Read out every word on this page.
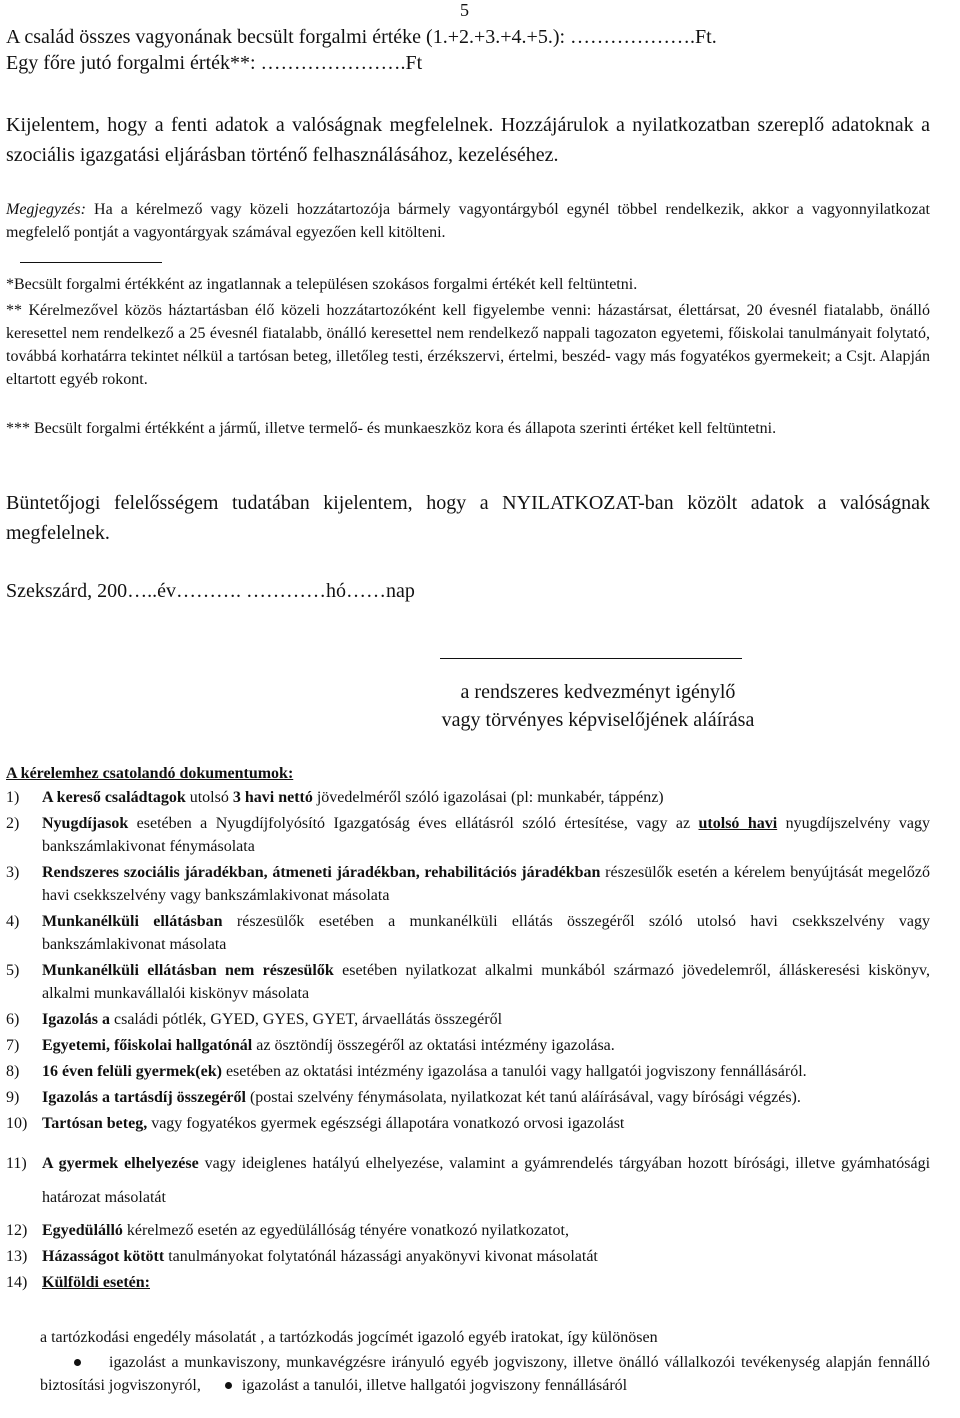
5
A család összes vagyonának becsült forgalmi értéke (1.+2.+3.+4.+5.): ……………….Ft.
Egy főre jutó forgalmi érték**: ………………….Ft
Kijelentem, hogy a fenti adatok a valóságnak megfelelnek. Hozzájárulok a nyilatkozatban szereplő adatoknak a szociális igazgatási eljárásban történő felhasználásához, kezeléséhez.
Megjegyzés: Ha a kérelmező vagy közeli hozzátartozója bármely vagyontárgyból egynél többel rendelkezik, akkor a vagyonnyilatkozat megfelelő pontját a vagyontárgyak számával egyezően kell kitölteni.
*Becsült forgalmi értékként az ingatlannak a településen szokásos forgalmi értékét kell feltüntetni.
** Kérelmezővel közös háztartásban élő közeli hozzátartozóként kell figyelembe venni: házastársat, élettársat, 20 évesnél fiatalabb, önálló keresettel nem rendelkező a 25 évesnél fiatalabb, önálló keresettel nem rendelkező nappali tagozaton egyetemi, főiskolai tanulmányait folytató, továbbá korhatárra tekintet nélkül a tartósan beteg, illetőleg testi, érzékszervi, értelmi, beszéd- vagy más fogyatékos gyermekeit; a Csjt. Alapján eltartott egyéb rokont.
*** Becsült forgalmi értékként a jármű, illetve termelő- és munkaeszköz kora és állapota szerinti értéket kell feltüntetni.
Büntetőjogi felelősségem tudatában kijelentem, hogy a NYILATKOZAT-ban közölt adatok a valóságnak megfelelnek.
Szekszárd, 200…..év………. …………hó……nap
a rendszeres kedvezményt igénylő
vagy törvényes képviselőjének aláírása
A kérelemhez csatolandó dokumentumok:
1) A kereső családtagok utolsó 3 havi nettó jövedelméről szóló igazolásai (pl: munkabér, táppénz)
2) Nyugdíjasok esetében a Nyugdíjfolyósító Igazgatóság éves ellátásról szóló értesítése, vagy az utolsó havi nyugdíjszelvény vagy bankszámlakivonat fénymásolata
3) Rendszeres szociális járadékban, átmeneti járadékban, rehabilitációs járadékban részesülők esetén a kérelem benyújtását megelőző havi csekkszelvény vagy bankszámlakivonat másolata
4) Munkanélküli ellátásban részesülők esetében a munkanélküli ellátás összegéről szóló utolsó havi csekkszelvény vagy bankszámlakivonat másolata
5) Munkanélküli ellátásban nem részesülők esetében nyilatkozat alkalmi munkából származó jövedelemről, álláskeresési kiskönyv, alkalmi munkavállalói kiskönyv másolata
6) Igazolás a családi pótlék, GYED, GYES, GYET, árvaellátás összegéről
7) Egyetemi, főiskolai hallgatónál az ösztöndíj összegéről az oktatási intézmény igazolása.
8) 16 éven felüli gyermek(ek) esetében az oktatási intézmény igazolása a tanulói vagy hallgatói jogviszony fennállásáról.
9) Igazolás a tartásdíj összegéről (postai szelvény fénymásolata, nyilatkozat két tanú aláírásával, vagy bírósági végzés).
10) Tartósan beteg, vagy fogyatékos gyermek egészségi állapotára vonatkozó orvosi igazolást
11) A gyermek elhelyezése vagy ideiglenes hatályú elhelyezése, valamint a gyámrendelés tárgyában hozott bírósági, illetve gyámhatósági határozat másolatát
12) Egyedülálló kérelmező esetén az egyedülállóság tényére vonatkozó nyilatkozatot,
13) Házasságot kötött tanulmányokat folytatónál házassági anyakönyvi kivonat másolatát
14) Külföldi esetén:
a tartózkodási engedély másolatát , a tartózkodás jogcímét igazoló egyéb iratokat, így különösen
igazolást a munkaviszony, munkavégzésre irányuló egyéb jogviszony, illetve önálló vállalkozói tevékenység alapján fennálló biztosítási jogviszonyról,	igazolást a tanulói, illetve hallgatói jogviszony fennállásáról
